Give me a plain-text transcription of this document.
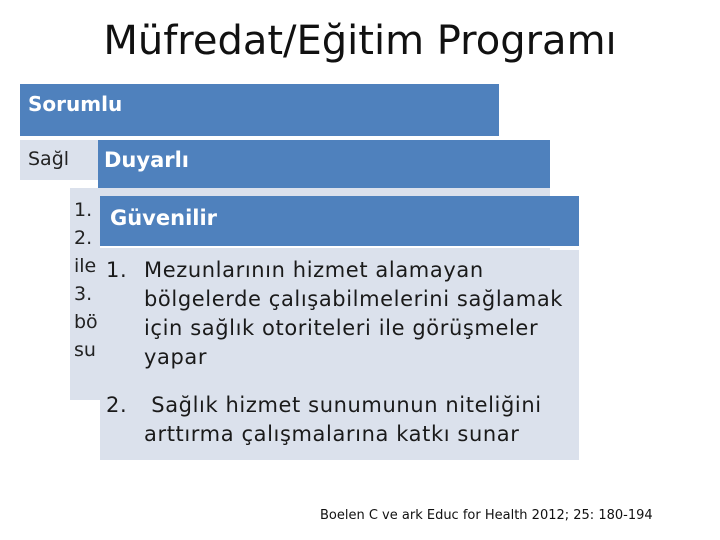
Müfredat/Eğitim Programı
Sorumlu
Sağl	Duyarlı
1.
2.
ile
3.
bö
su
Güvenilir
1. Mezunlarının hizmet alamayan
bölgelerde çalışabilmelerini sağlamak
için sağlık otoriteleri ile görüşmeler
yapar
2. Sağlık hizmet sunumunun niteliğini
arttırma çalışmalarına katkı sunar
Boelen C ve ark Educ for Health 2012; 25: 180-194
